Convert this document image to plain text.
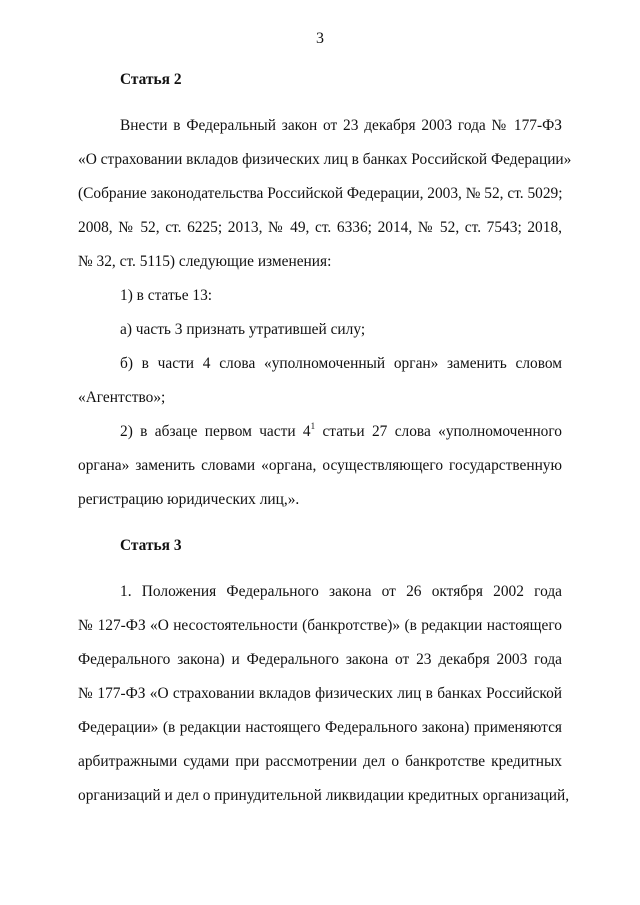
3
Статья 2
Внести в Федеральный закон от 23 декабря 2003 года № 177-ФЗ
«О страховании вкладов физических лиц в банках Российской Федерации»
(Собрание законодательства Российской Федерации, 2003, № 52, ст. 5029;
2008, № 52, ст. 6225; 2013, № 49, ст. 6336; 2014, № 52, ст. 7543; 2018,
№ 32, ст. 5115) следующие изменения:
1) в статье 13:
а) часть 3 признать утратившей силу;
б) в части 4 слова «уполномоченный орган» заменить словом
«Агентство»;
2) в абзаце первом части $4^1$ статьи 27 слова «уполномоченного
органа» заменить словами «органа, осуществляющего государственную
регистрацию юридических лиц,».
Статья 3
1. Положения Федерального закона от 26 октября 2002 года
№ 127-ФЗ «О несостоятельности (банкротстве)» (в редакции настоящего
Федерального закона) и Федерального закона от 23 декабря 2003 года
№ 177-ФЗ «О страховании вкладов физических лиц в банках Российской
Федерации» (в редакции настоящего Федерального закона) применяются
арбитражными судами при рассмотрении дел о банкротстве кредитных
организаций и дел о принудительной ликвидации кредитных организаций,
